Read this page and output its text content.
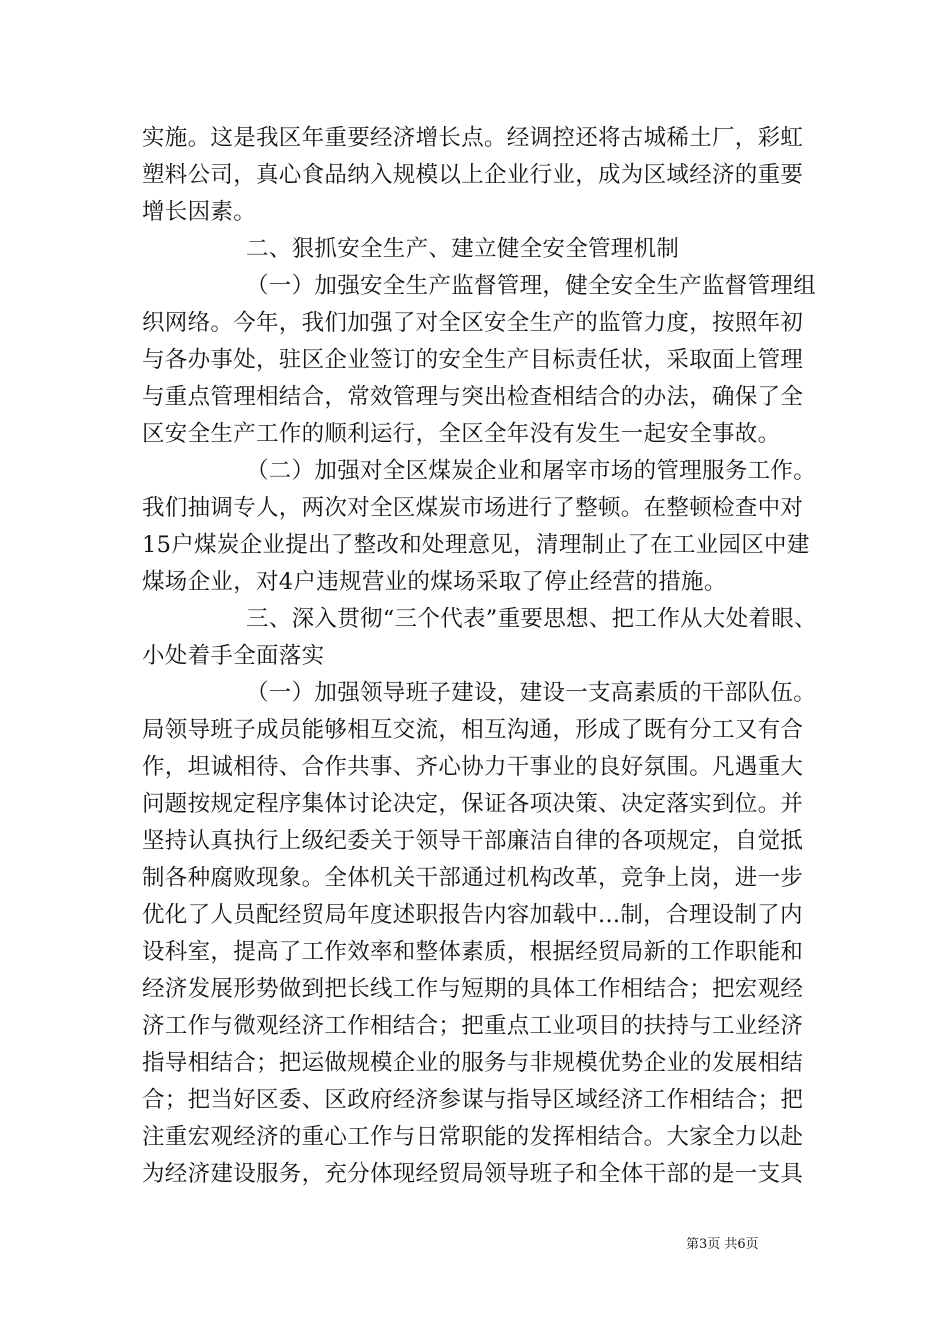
实施。这是我区年重要经济增长点。经调控还将古城稀土厂，彩虹
塑料公司，真心食品纳入规模以上企业行业，成为区域经济的重要
增长因素。
二、狠抓安全生产、建立健全安全管理机制
（一）加强安全生产监督管理，健全安全生产监督管理组
织网络。今年，我们加强了对全区安全生产的监管力度，按照年初
与各办事处，驻区企业签订的安全生产目标责任状，采取面上管理
与重点管理相结合，常效管理与突出检查相结合的办法，确保了全
区安全生产工作的顺利运行，全区全年没有发生一起安全事故。
（二）加强对全区煤炭企业和屠宰市场的管理服务工作。
我们抽调专人，两次对全区煤炭市场进行了整顿。在整顿检查中对
15户煤炭企业提出了整改和处理意见，清理制止了在工业园区中建
煤场企业，对4户违规营业的煤场采取了停止经营的措施。
三、深入贯彻“三个代表”重要思想、把工作从大处着眼、
小处着手全面落实
（一）加强领导班子建设，建设一支高素质的干部队伍。
局领导班子成员能够相互交流，相互沟通，形成了既有分工又有合
作，坦诚相待、合作共事、齐心协力干事业的良好氛围。凡遇重大
问题按规定程序集体讨论决定，保证各项决策、决定落实到位。并
坚持认真执行上级纪委关于领导干部廉洁自律的各项规定，自觉抵
制各种腐败现象。全体机关干部通过机构改革，竞争上岗，进一步
优化了人员配经贸局年度述职报告内容加载中...制，合理设制了内
设科室，提高了工作效率和整体素质，根据经贸局新的工作职能和
经济发展形势做到把长线工作与短期的具体工作相结合；把宏观经
济工作与微观经济工作相结合；把重点工业项目的扶持与工业经济
指导相结合；把运做规模企业的服务与非规模优势企业的发展相结
合；把当好区委、区政府经济参谋与指导区域经济工作相结合；把
注重宏观经济的重心工作与日常职能的发挥相结合。大家全力以赴
为经济建设服务，充分体现经贸局领导班子和全体干部的是一支具
第3页 共6页
